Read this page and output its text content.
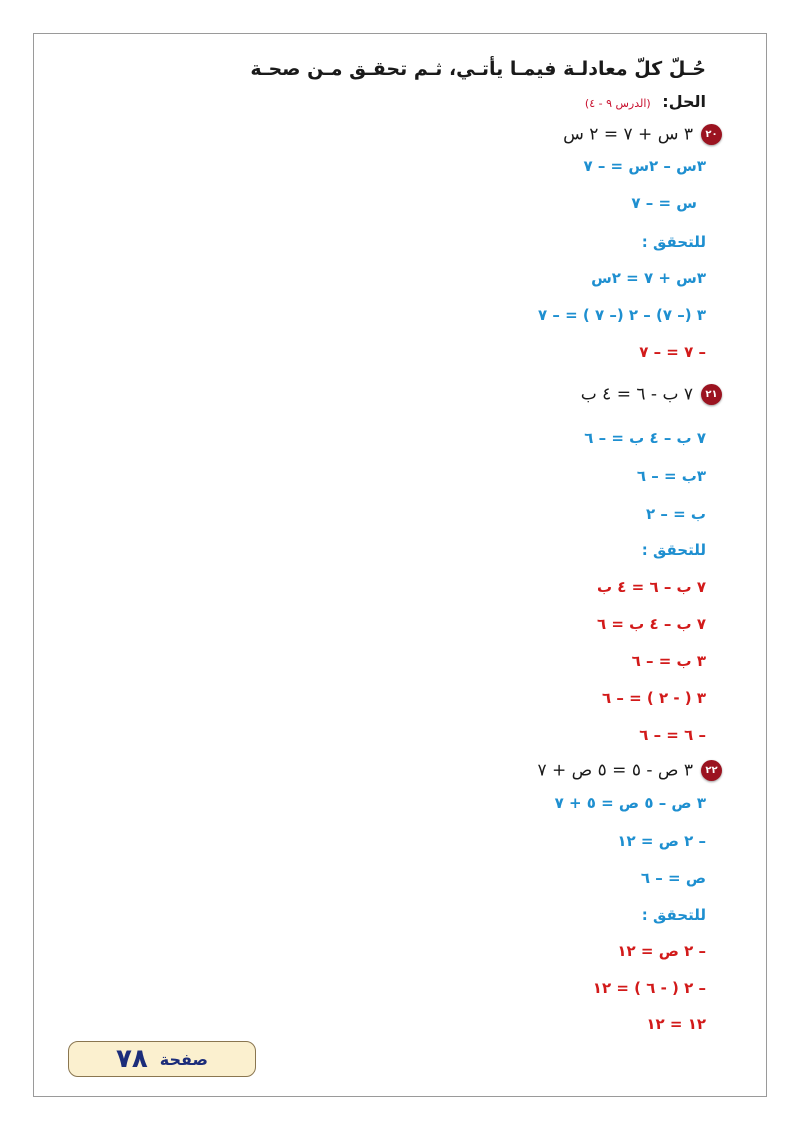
حُـلّ كلّ معادلـة فيمـا يأتـي، ثـم تحقـق مـن صحـة
الحل: (الدرس ٩ - ٤)
٢٠٣ س + ٧ = ٢ س
٣س – ٢س = – ٧
س = – ٧
للتحقق :
٣س + ٧ = ٢س
٣ (– ٧) – ٢ (– ٧ ) = – ٧
– ٧ = – ٧
٢١٧ ب - ٦ = ٤ ب
٧ ب – ٤ ب = – ٦
٣ب = – ٦
ب = – ٢
للتحقق :
٧ ب – ٦ = ٤ ب
٧ ب – ٤ ب = ٦
٣ ب = – ٦
٣ ( - ٢ ) = – ٦
– ٦ = – ٦
٢٢٣ ص - ٥ = ٥ ص + ٧
٣ ص – ٥ ص = ٥ + ٧
– ٢ ص = ١٢
ص = – ٦
للتحقق :
– ٢ ص = ١٢
– ٢ ( - ٦ ) = ١٢
١٢ = ١٢
صفحة
٧٨
